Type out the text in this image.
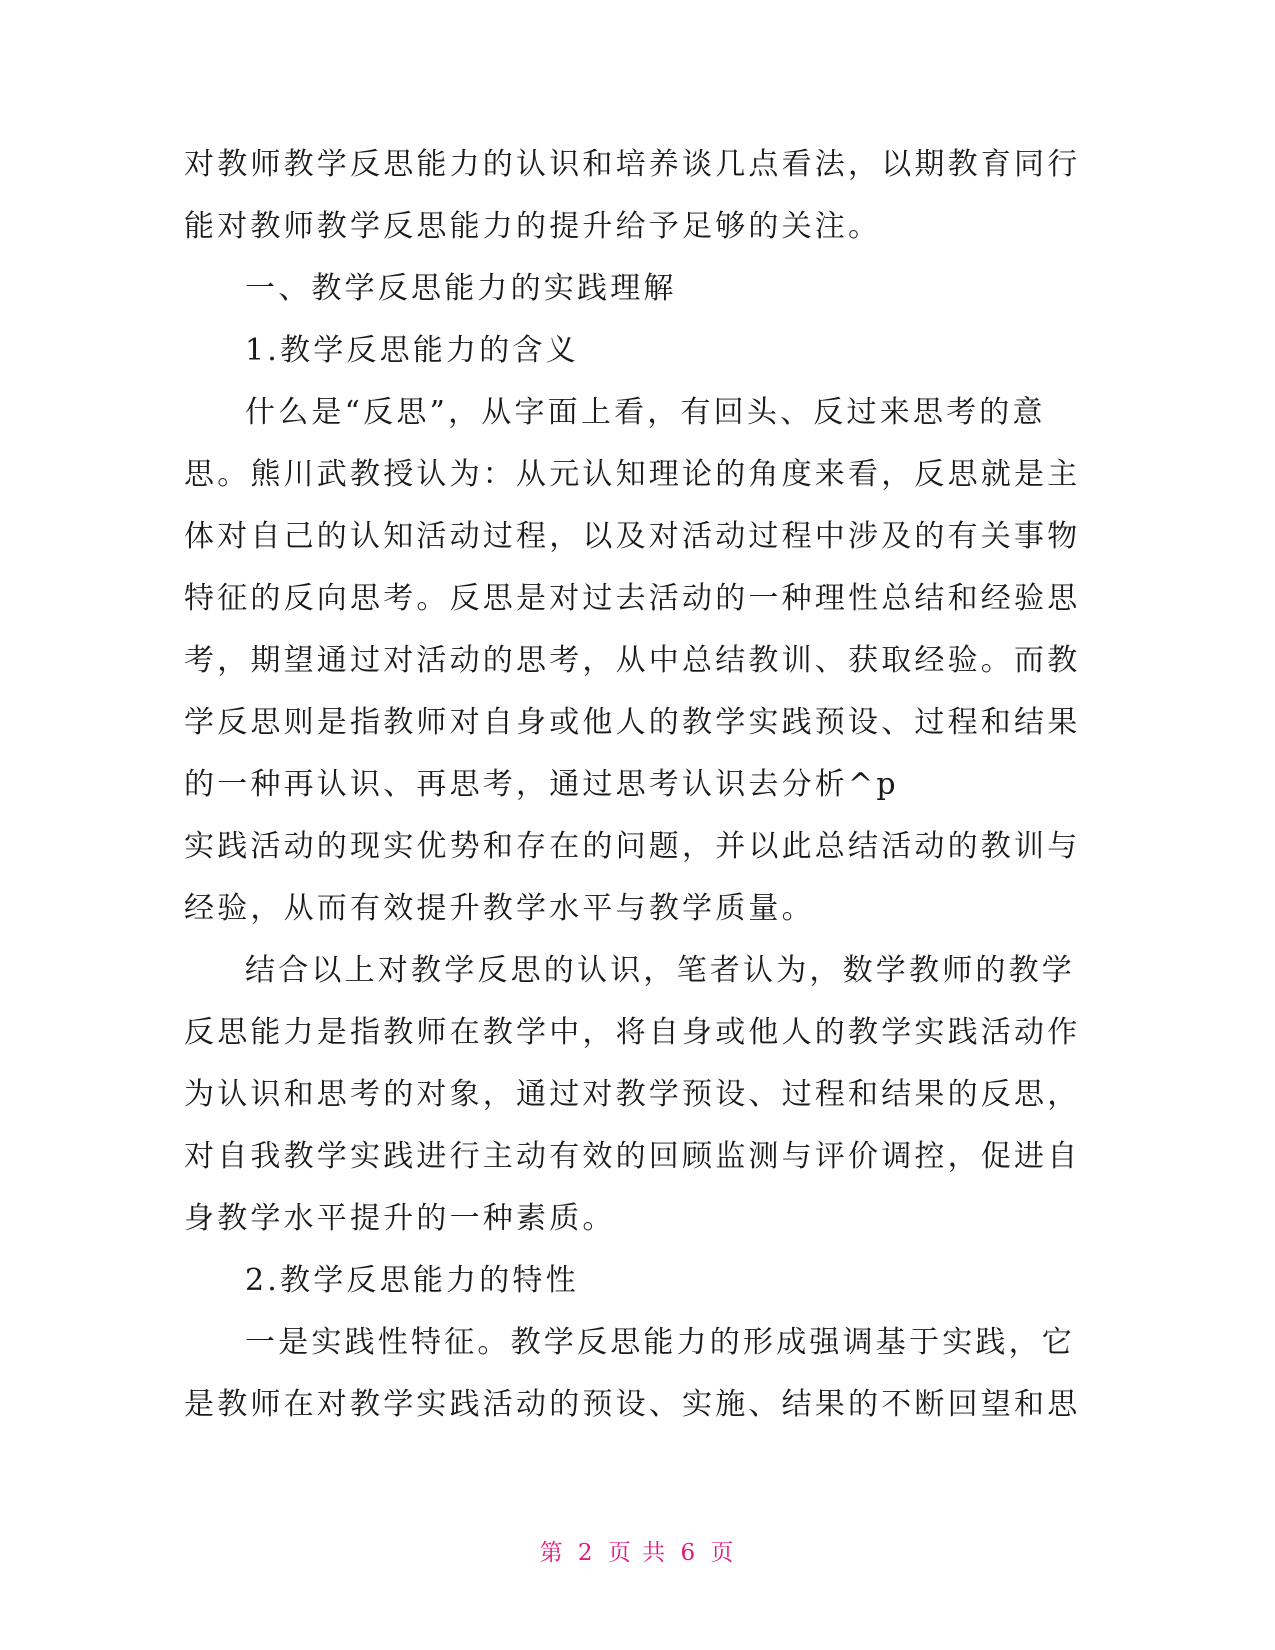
对教师教学反思能力的认识和培养谈几点看法，以期教育同行
能对教师教学反思能力的提升给予足够的关注。
一、教学反思能力的实践理解
1.教学反思能力的含义
什么是“反思”，从字面上看，有回头、反过来思考的意
思。熊川武教授认为：从元认知理论的角度来看，反思就是主
体对自己的认知活动过程，以及对活动过程中涉及的有关事物
特征的反向思考。反思是对过去活动的一种理性总结和经验思
考，期望通过对活动的思考，从中总结教训、获取经验。而教
学反思则是指教师对自身或他人的教学实践预设、过程和结果
的一种再认识、再思考，通过思考认识去分析^p
实践活动的现实优势和存在的问题，并以此总结活动的教训与
经验，从而有效提升教学水平与教学质量。
结合以上对教学反思的认识，笔者认为，数学教师的教学
反思能力是指教师在教学中，将自身或他人的教学实践活动作
为认识和思考的对象，通过对教学预设、过程和结果的反思，
对自我教学实践进行主动有效的回顾监测与评价调控，促进自
身教学水平提升的一种素质。
2.教学反思能力的特性
一是实践性特征。教学反思能力的形成强调基于实践，它
是教师在对教学实践活动的预设、实施、结果的不断回望和思
第 2 页 共 6 页
